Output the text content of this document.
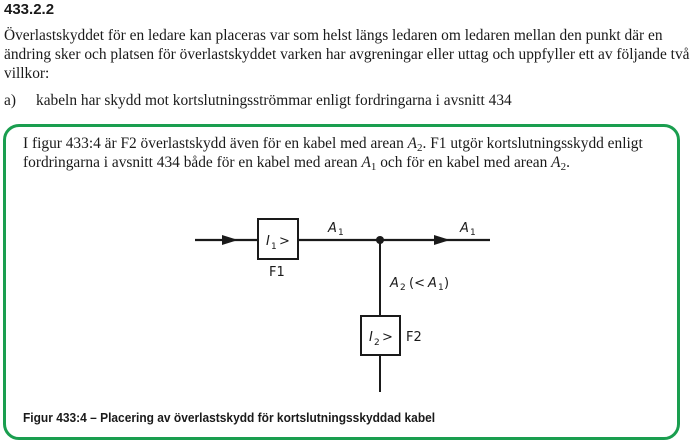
433.2.2
Överlastskyddet för en ledare kan placeras var som helst längs ledaren om ledaren mellan den punkt där en ändring sker och platsen för överlastskyddet varken har avgreningar eller uttag och uppfyller ett av följande två villkor:
a) kabeln har skydd mot kortslutningsströmmar enligt fordringarna i avsnitt 434
I figur 433:4 är F2 överlastskydd även för en kabel med arean $A_2$. F1 utgör kortslutningsskydd enligt fordringarna i avsnitt 434 både för en kabel med arean $A_1$ och för en kabel med arean $A_2$.
I 1 >
F1
A 1	A 1
A 2 (< A 1 )
I 2 > F2
Figur 433:4 – Placering av överlastskydd för kortslutningsskyddad kabel
